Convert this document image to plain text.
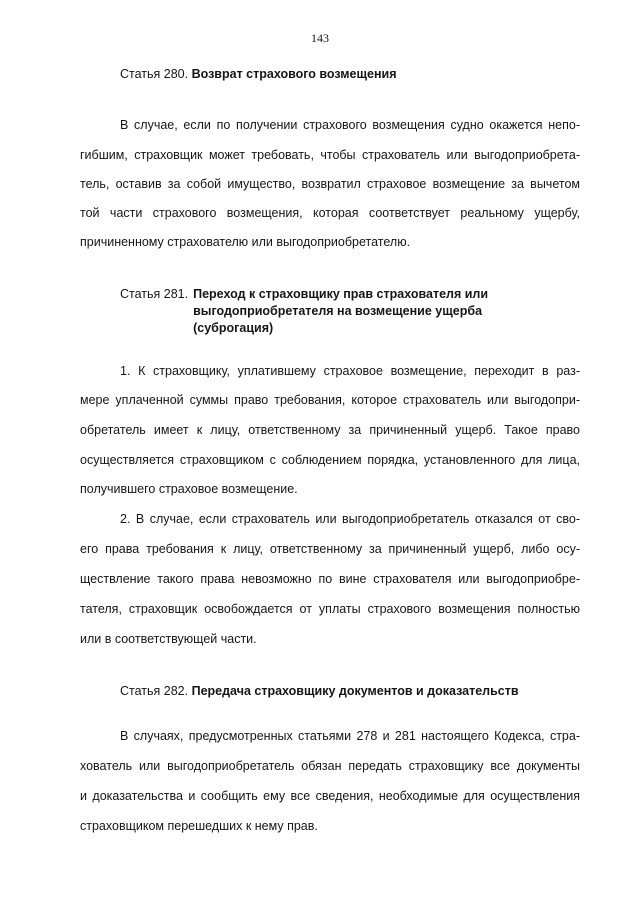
143
Статья 280. Возврат страхового возмещения
В случае, если по получении страхового возмещения судно окажется непо-
гибшим, страховщик может требовать, чтобы страхователь или выгодоприобрета-
тель, оставив за собой имущество, возвратил страховое возмещение за вычетом
той части страхового возмещения, которая соответствует реальному ущербу,
причиненному страхователю или выгодоприобретателю.
Статья 281. Переход к страховщику прав страхователя или
выгодоприобретателя на возмещение ущерба
(суброгация)
1. К страховщику, уплатившему страховое возмещение, переходит в раз-
мере уплаченной суммы право требования, которое страхователь или выгодопри-
обретатель имеет к лицу, ответственному за причиненный ущерб. Такое право
осуществляется страховщиком с соблюдением порядка, установленного для лица,
получившего страховое возмещение.
2. В случае, если страхователь или выгодоприобретатель отказался от сво-
его права требования к лицу, ответственному за причиненный ущерб, либо осу-
ществление такого права невозможно по вине страхователя или выгодоприобре-
тателя, страховщик освобождается от уплаты страхового возмещения полностью
или в соответствующей части.
Статья 282. Передача страховщику документов и доказательств
В случаях, предусмотренных статьями 278 и 281 настоящего Кодекса, стра-
хователь или выгодоприобретатель обязан передать страховщику все документы
и доказательства и сообщить ему все сведения, необходимые для осуществления
страховщиком перешедших к нему прав.
